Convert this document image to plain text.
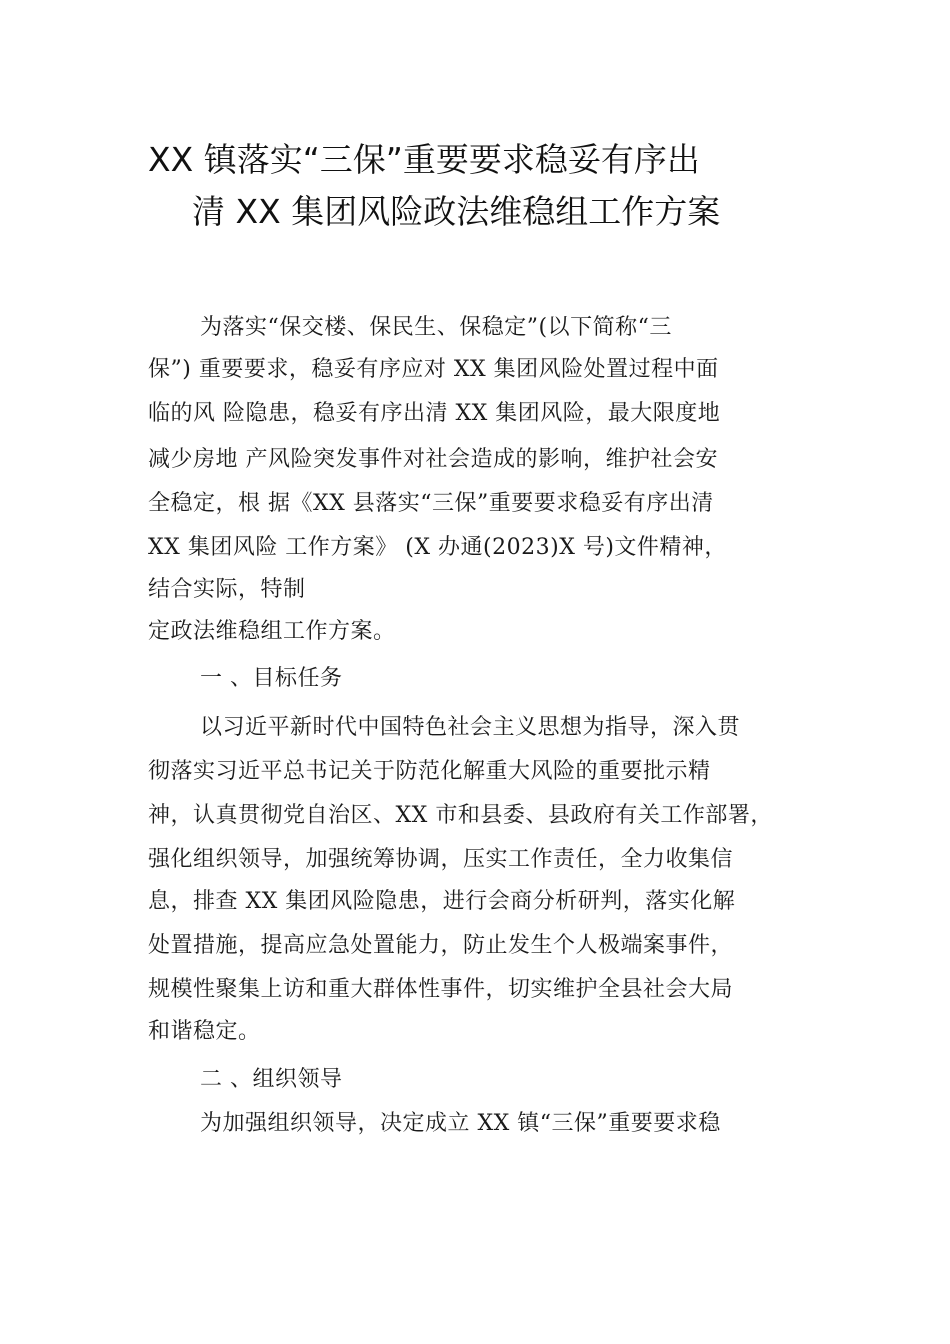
XX 镇落实“三保”重要要求稳妥有序出
清 XX 集团风险政法维稳组工作方案
为落实“保交楼、保民生、保稳定”(以下简称“三
保”) 重要要求，稳妥有序应对 XX 集团风险处置过程中面
临的风 险隐患，稳妥有序出清 XX 集团风险，最大限度地
减少房地 产风险突发事件对社会造成的影响，维护社会安
全稳定，根 据《XX 县落实“三保”重要要求稳妥有序出清
XX 集团风险 工作方案》 (X 办通(2023)X 号)文件精神，
结合实际，特制
定政法维稳组工作方案。
一 、目标任务
以习近平新时代中国特色社会主义思想为指导，深入贯
彻落实习近平总书记关于防范化解重大风险的重要批示精
神，认真贯彻党自治区、XX 市和县委、县政府有关工作部署，
强化组织领导，加强统筹协调，压实工作责任，全力收集信
息，排查 XX 集团风险隐患，进行会商分析研判，落实化解
处置措施，提高应急处置能力，防止发生个人极端案事件，
规模性聚集上访和重大群体性事件，切实维护全县社会大局
和谐稳定。
二 、组织领导
为加强组织领导，决定成立 XX 镇“三保”重要要求稳
